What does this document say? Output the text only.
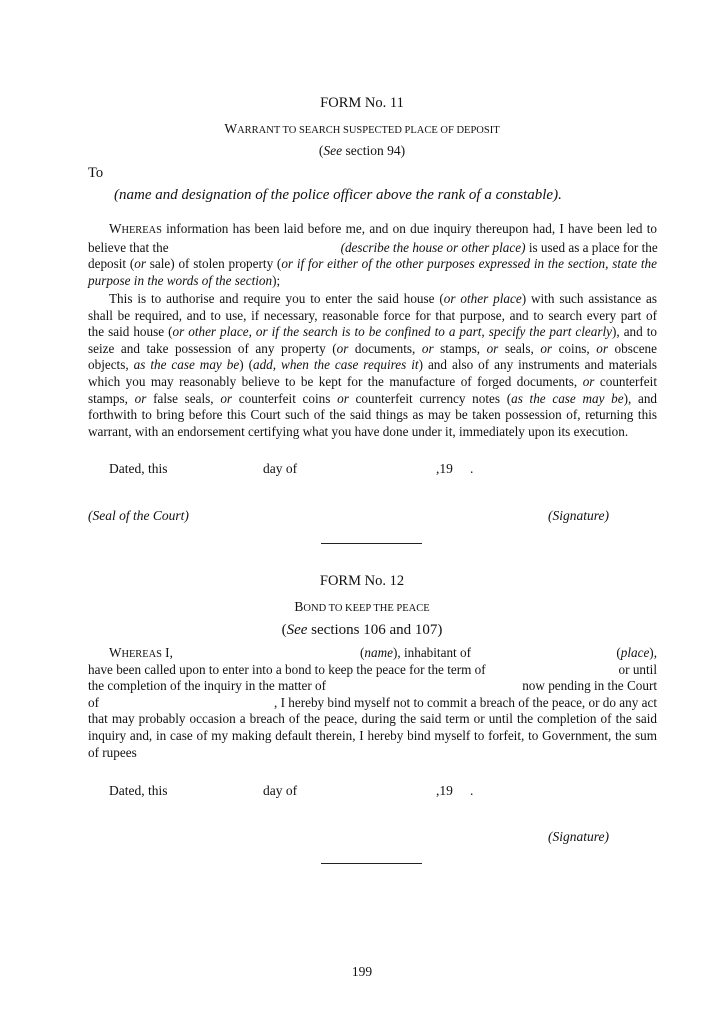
FORM No. 11
WARRANT TO SEARCH SUSPECTED PLACE OF DEPOSIT
(See section 94)
To
(name and designation of the police officer above the rank of a constable).
WHEREAS information has been laid before me, and on due inquiry thereupon had, I have been led to
believe that the	(describe the house or other place) is used as a place for the
deposit (or sale) of stolen property (or if for either of the other purposes expressed in the section, state the
purpose in the words of the section);
This is to authorise and require you to enter the said house (or other place) with such assistance as
shall be required, and to use, if necessary, reasonable force for that purpose, and to search every part of
the said house (or other place, or if the search is to be confined to a part, specify the part clearly), and to
seize and take possession of any property (or documents, or stamps, or seals, or coins, or obscene
objects, as the case may be) (add, when the case requires it) and also of any instruments and materials
which you may reasonably believe to be kept for the manufacture of forged documents, or counterfeit
stamps, or false seals, or counterfeit coins or counterfeit currency notes (as the case may be), and
forthwith to bring before this Court such of the said things as may be taken possession of, returning this
warrant, with an endorsement certifying what you have done under it, immediately upon its execution.
Dated, this	day of	,19 .
(Seal of the Court)	(Signature)
FORM No. 12
BOND TO KEEP THE PEACE
(See sections 106 and 107)
WHEREAS I,	(name), inhabitant of	(place),

have been called upon to enter into a bond to keep the peace for the term of	or until
the completion of the inquiry in the matter of	now pending in the Court
of	, I hereby bind myself not to commit a breach of the peace, or do any act
that may probably occasion a breach of the peace, during the said term or until the completion of the said
inquiry and, in case of my making default therein, I hereby bind myself to forfeit, to Government, the sum
of rupees
Dated, this	day of	,19 .
(Signature)
199
